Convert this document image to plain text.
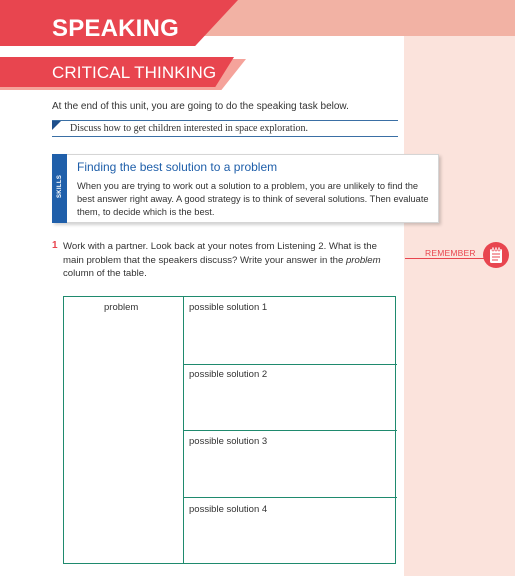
SPEAKING
CRITICAL THINKING
At the end of this unit, you are going to do the speaking task below.
Discuss how to get children interested in space exploration.
SKILLS
Finding the best solution to a problem
When you are trying to work out a solution to a problem, you are unlikely to find the best answer right away. A good strategy is to think of several solutions. Then evaluate them, to decide which is the best.
1 Work with a partner. Look back at your notes from Listening 2. What is the main problem that the speakers discuss? Write your answer in the problem column of the table.
REMEMBER
problem	possible solution 1
possible solution 2
possible solution 3
possible solution 4
